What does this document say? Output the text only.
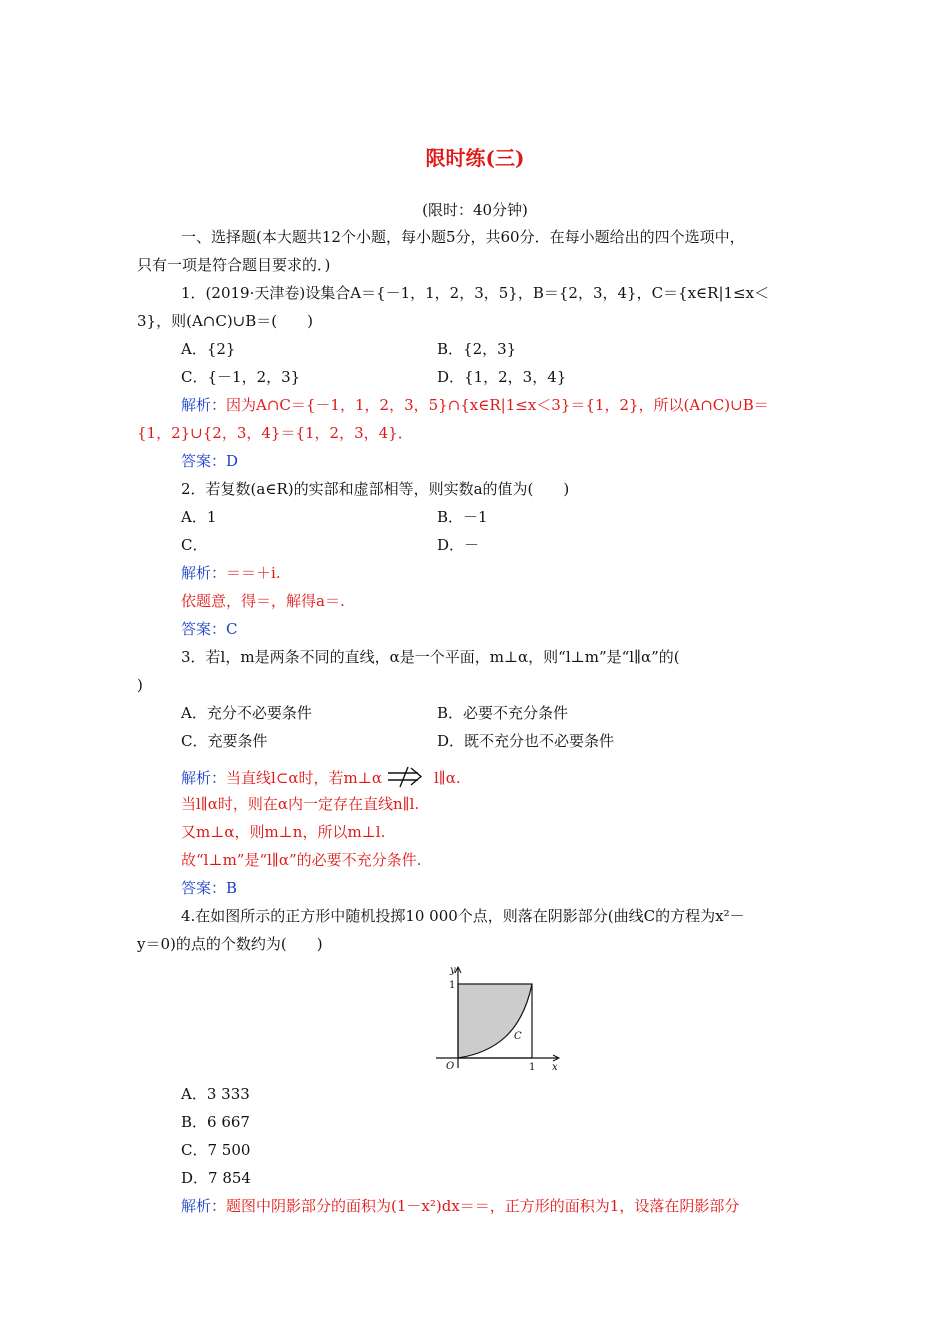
限时练(三)
(限时：40分钟)
一、选择题(本大题共12个小题，每小题5分，共60分．在每小题给出的四个选项中，
只有一项是符合题目要求的．)
1．(2019·天津卷)设集合A＝{－1，1，2，3，5}，B＝{2，3，4}，C＝{x∈R|1≤x＜
3}，则(A∩C)∪B＝(　　)
A．{2}	B．{2，3}
C．{－1，2，3}	D．{1，2，3，4}
解析：因为A∩C＝{－1，1，2，3，5}∩{x∈R|1≤x＜3}＝{1，2}，所以(A∩C)∪B＝
{1，2}∪{2，3，4}＝{1，2，3，4}．
答案：D
2．若复数(a∈R)的实部和虚部相等，则实数a的值为(　　)
A．1	B．－1
C．	D．－
解析：＝＝＋i.
依题意，得＝，解得a＝.
答案：C
3．若l，m是两条不同的直线，α是一个平面，m⊥α，则“l⊥m”是“l∥α”的(
)
A．充分不必要条件	B．必要不充分条件
C．充要条件	D．既不充分也不必要条件
解析：当直线l⊂α时，若m⊥α	l∥α.
当l∥α时，则在α内一定存在直线n∥l.
又m⊥α，则m⊥n，所以m⊥l.
故“l⊥m”是“l∥α”的必要不充分条件.
答案：B
4.在如图所示的正方形中随机投掷10 000个点，则落在阴影部分(曲线C的方程为x²－
y＝0)的点的个数约为(　　)
y
1
O	1 x
C
A．3 333
B．6 667
C．7 500
D．7 854
解析：题图中阴影部分的面积为(1－x²)dx＝＝，正方形的面积为1，设落在阴影部分
